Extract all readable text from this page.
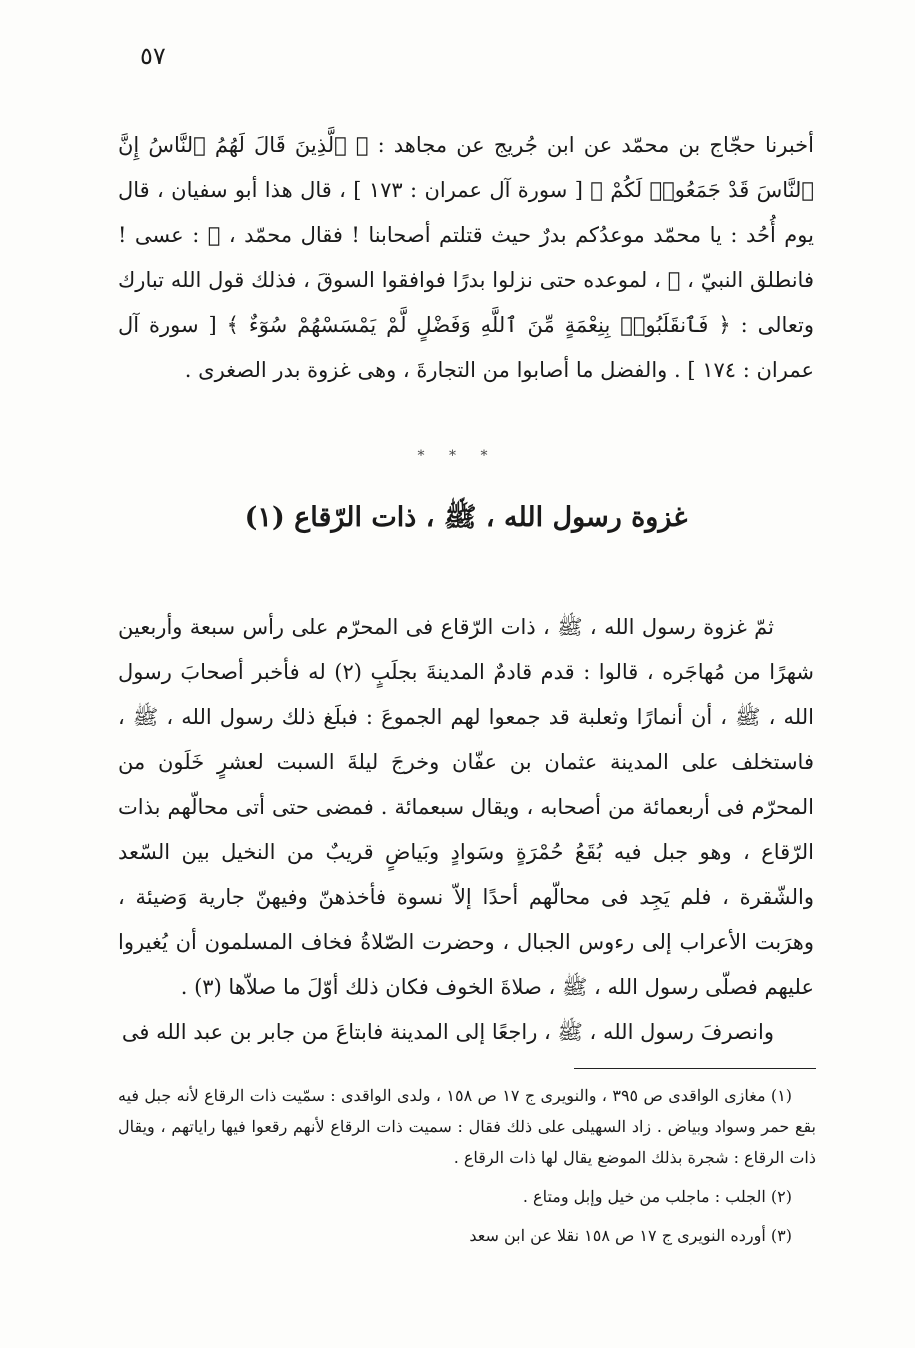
٥٧

أخبرنا حجّاج بن محمّد عن ابن جُريج عن مجاهد : ﴿ ٱلَّذِينَ قَالَ لَهُمُ ٱلنَّاسُ إِنَّ ٱلنَّاسَ قَدْ جَمَعُوا۟ لَكُمْ ﴾ [ سورة آل عمران : ١٧٣ ] ، قال هذا أبو سفيان ، قال يوم أُحُد : يا محمّد موعدُكم بدرٌ حيث قتلتم أصحابنا ! فقال محمّد ، ﷺ : عسى ! فانطلق النبيّ ، ﷺ ، لموعده حتى نزلوا بدرًا فوافقوا السوقَ ، فذلك قول الله تبارك وتعالى : ﴿ فَٱنقَلَبُوا۟ بِنِعْمَةٍ مِّنَ ٱللَّهِ وَفَضْلٍ لَّمْ يَمْسَسْهُمْ سُوٓءٌ ﴾ [ سورة آل عمران : ١٧٤ ] . والفضل ما أصابوا من التجارةَ ، وهى غزوة بدر الصغرى .

* * *
غزوة رسول الله ، ﷺ ، ذات الرّقاع (١)

ثمّ غزوة رسول الله ، ﷺ ، ذات الرّقاع فى المحرّم على رأس سبعة وأربعين شهرًا من مُهاجَره ، قالوا : قدم قادمٌ المدينةَ بجلَبٍ (٢) له فأخبر أصحابَ رسول الله ، ﷺ ، أن أنمارًا وثعلبة قد جمعوا لهم الجموعَ : فبلَغ ذلك رسول الله ، ﷺ ، فاستخلف على المدينة عثمان بن عفّان وخرجَ ليلةَ السبت لعشرٍ خَلَون من المحرّم فى أربعمائة من أصحابه ، ويقال سبعمائة . فمضى حتى أتى محالّهم بذات الرّقاع ، وهو جبل فيه بُقَعُ حُمْرَةٍ وسَوادٍ وبَياضٍ قريبٌ من النخيل بين السّعد والشّقرة ، فلم يَجِد فى محالّهم أحدًا إلاّ نسوة فأخذهنّ وفيهنّ جارية وَضيئة ، وهرَبت الأعراب إلى رءوس الجبال ، وحضرت الصّلاةُ فخاف المسلمون أن يُغيروا عليهم فصلّى رسول الله ، ﷺ ، صلاةَ الخوف فكان ذلك أوّلَ ما صلاّها (٣) .

وانصرفَ رسول الله ، ﷺ ، راجعًا إلى المدينة فابتاعَ من جابر بن عبد الله فى

(١) مغازى الواقدى ص ٣٩٥ ، والنويرى ج ١٧ ص ١٥٨ ، ولدى الواقدى : سمّيت ذات الرقاع لأنه جبل فيه بقع حمر وسواد وبياض . زاد السهيلى على ذلك فقال : سميت ذات الرقاع لأنهم رقعوا فيها راياتهم ، ويقال ذات الرقاع : شجرة بذلك الموضع يقال لها ذات الرقاع .

(٢) الجلب : ماجلب من خيل وإبل ومتاع .

(٣) أورده النويرى ج ١٧ ص ١٥٨ نقلا عن ابن سعد
